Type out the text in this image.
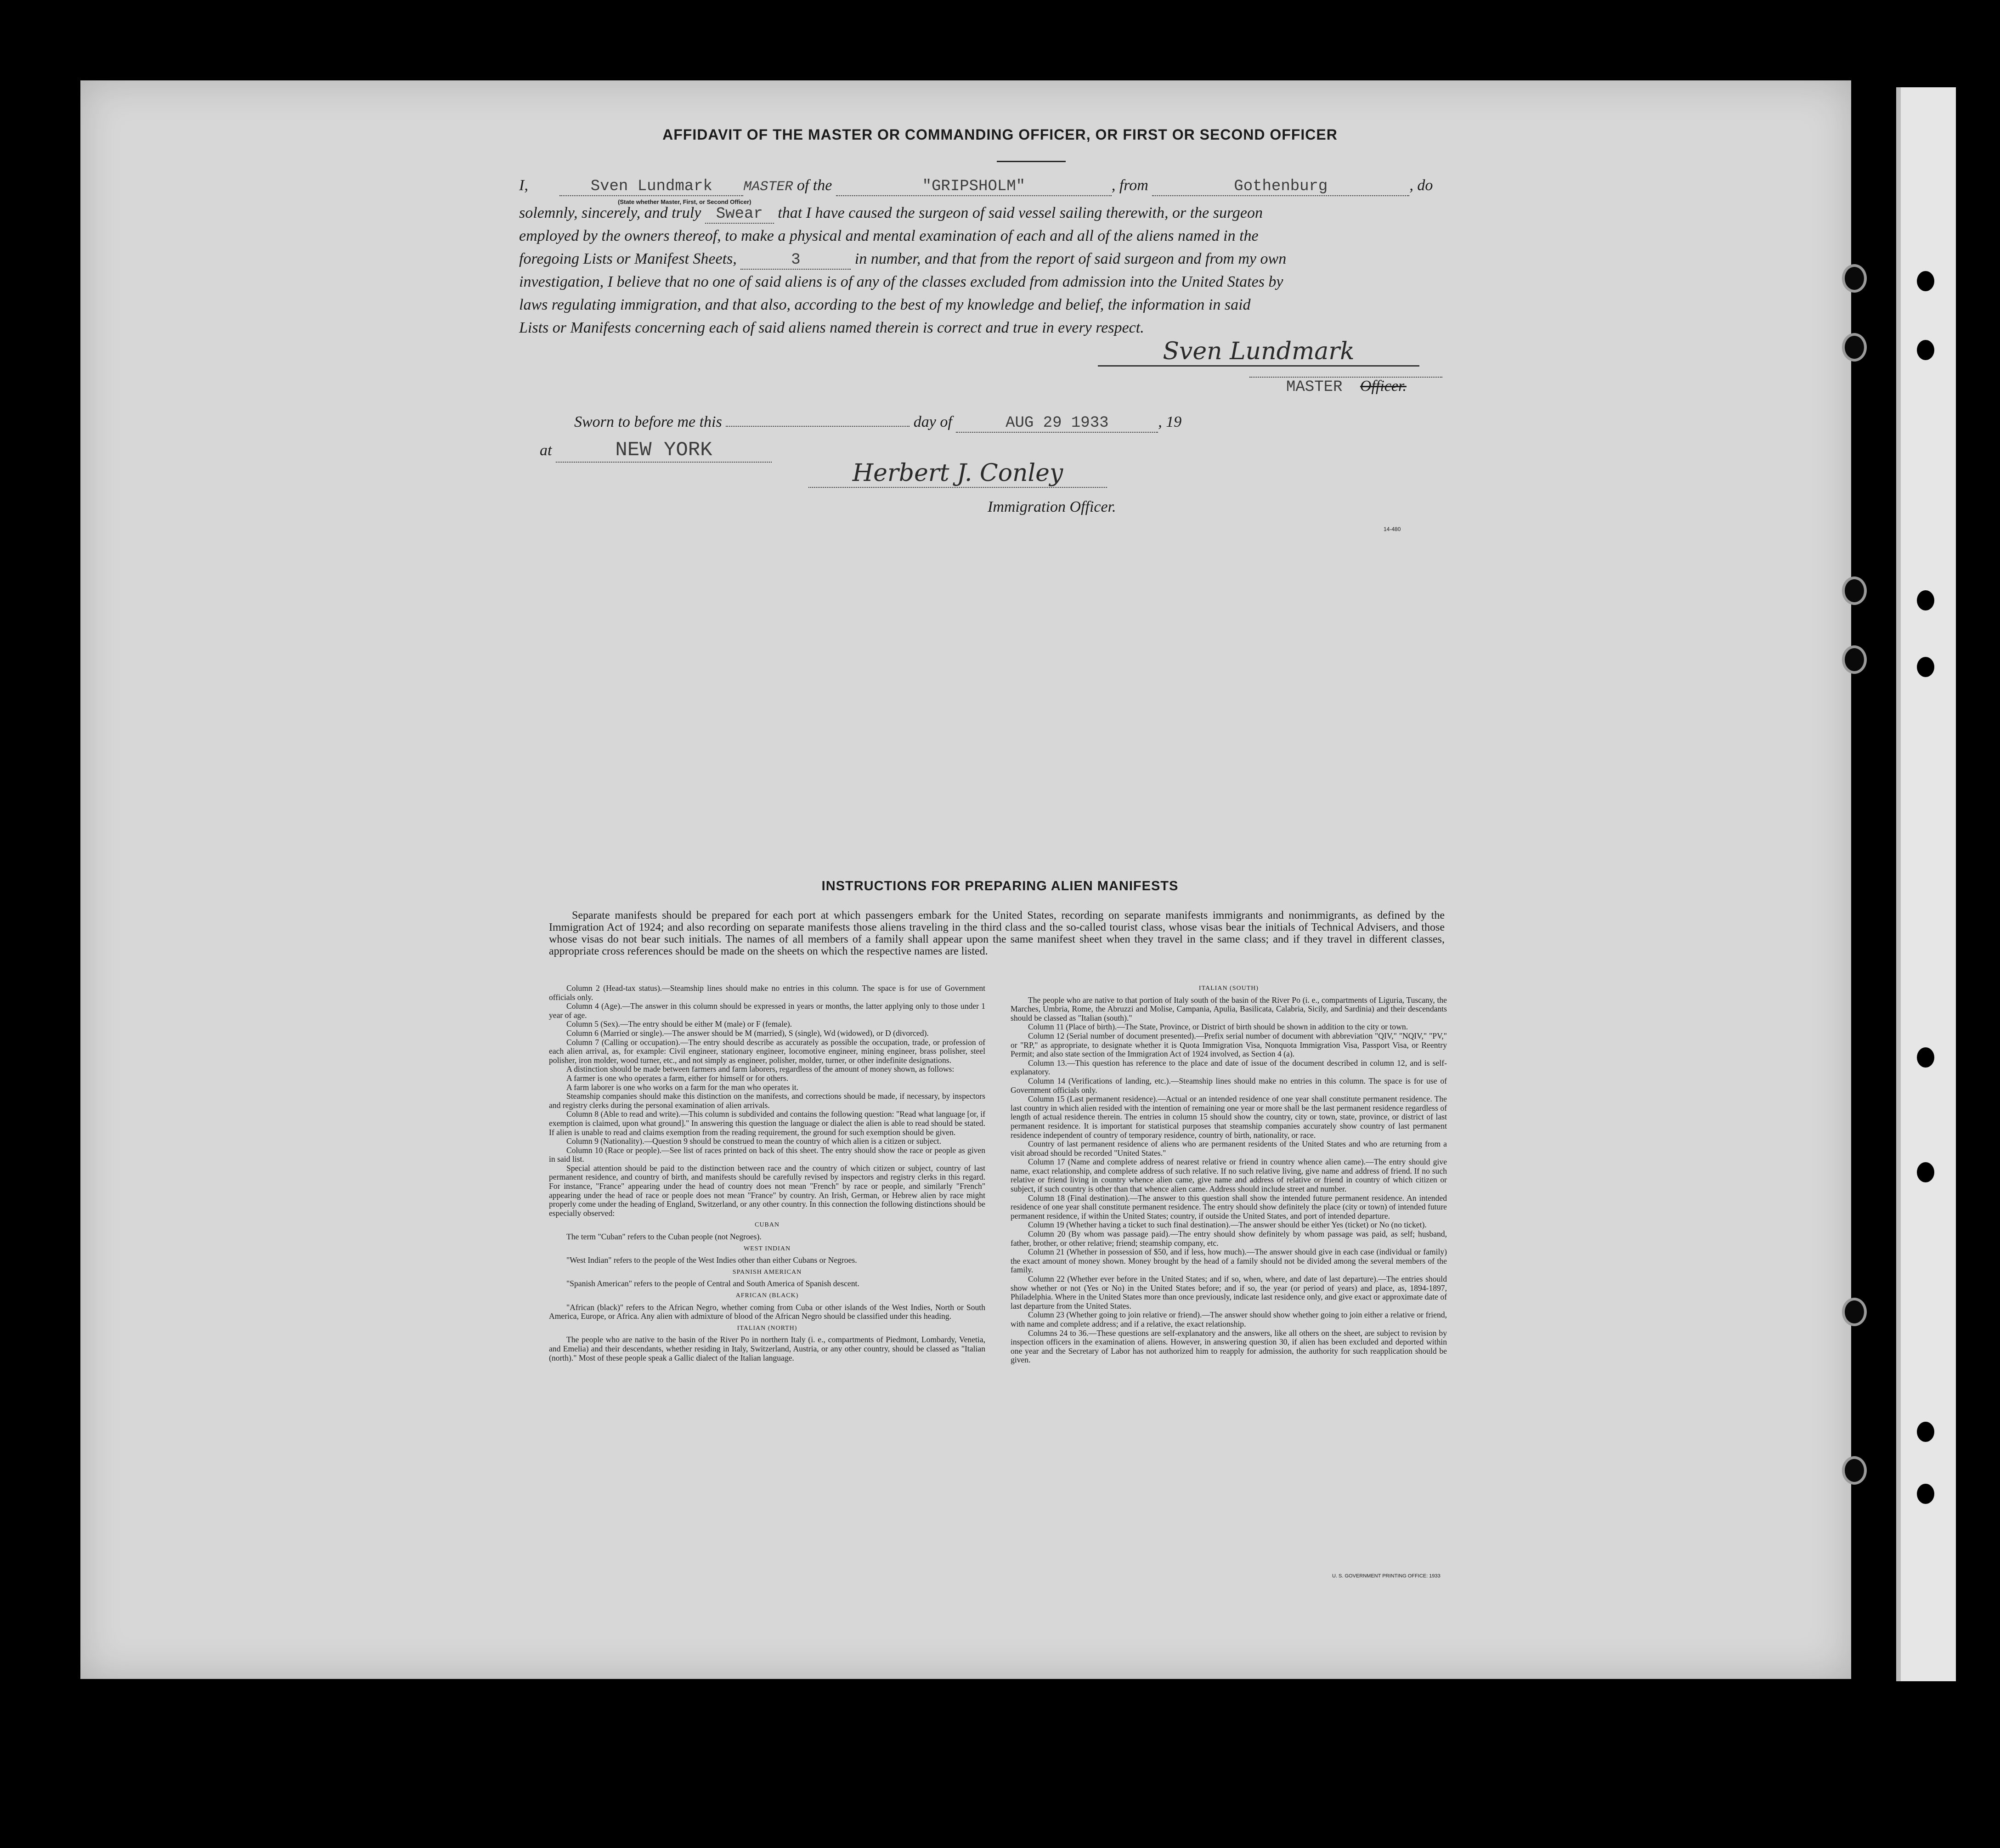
AFFIDAVIT OF THE MASTER OR COMMANDING OFFICER, OR FIRST OR SECOND OFFICER
I,	Sven Lundmark MASTER of the	"GRIPSHOLM"	, from	Gothenburg	, do
(State whether Master, First, or Second Officer)
solemnly, sincerely, and truly Swear that I have caused the surgeon of said vessel sailing therewith, or the surgeon
employed by the owners thereof, to make a physical and mental examination of each and all of the aliens named in the
foregoing Lists or Manifest Sheets,	3	in number, and that from the report of said surgeon and from my own
investigation, I believe that no one of said aliens is of any of the classes excluded from admission into the United States by
laws regulating immigration, and that also, according to the best of my knowledge and belief, the information in said
Lists or Manifests concerning each of said aliens named therein is correct and true in every respect.
Sven Lundmark
MASTER Officer.
Sworn to before me this	day of	AUG 29 1933	, 19
at	NEW YORK
Herbert J. Conley
Immigration Officer.
14-480
INSTRUCTIONS FOR PREPARING ALIEN MANIFESTS
Separate manifests should be prepared for each port at which passengers embark for the United States, recording on separate manifests immigrants and nonimmigrants, as defined by the Immigration Act of 1924; and also recording on separate manifests those aliens traveling in the third class and the so-called tourist class, whose visas bear the initials of Technical Advisers, and those whose visas do not bear such initials. The names of all members of a family shall appear upon the same manifest sheet when they travel in the same class; and if they travel in different classes, appropriate cross references should be made on the sheets on which the respective names are listed.

Column 2 (Head-tax status).—Steamship lines should make no entries in this column. The space is for use of Government officials only.

Column 4 (Age).—The answer in this column should be expressed in years or months, the latter applying only to those under 1 year of age.

Column 5 (Sex).—The entry should be either M (male) or F (female).

Column 6 (Married or single).—The answer should be M (married), S (single), Wd (widowed), or D (divorced).

Column 7 (Calling or occupation).—The entry should describe as accurately as possible the occupation, trade, or profession of each alien arrival, as, for example: Civil engineer, stationary engineer, locomotive engineer, mining engineer, brass polisher, steel polisher, iron molder, wood turner, etc., and not simply as engineer, polisher, molder, turner, or other indefinite designations.

A distinction should be made between farmers and farm laborers, regardless of the amount of money shown, as follows:

A farmer is one who operates a farm, either for himself or for others.

A farm laborer is one who works on a farm for the man who operates it.

Steamship companies should make this distinction on the manifests, and corrections should be made, if necessary, by inspectors and registry clerks during the personal examination of alien arrivals.

Column 8 (Able to read and write).—This column is subdivided and contains the following question: "Read what language [or, if exemption is claimed, upon what ground]." In answering this question the language or dialect the alien is able to read should be stated. If alien is unable to read and claims exemption from the reading requirement, the ground for such exemption should be given.

Column 9 (Nationality).—Question 9 should be construed to mean the country of which alien is a citizen or subject.

Column 10 (Race or people).—See list of races printed on back of this sheet. The entry should show the race or people as given in said list.

Special attention should be paid to the distinction between race and the country of which citizen or subject, country of last permanent residence, and country of birth, and manifests should be carefully revised by inspectors and registry clerks in this regard. For instance, "France" appearing under the head of country does not mean "French" by race or people, and similarly "French" appearing under the head of race or people does not mean "France" by country. An Irish, German, or Hebrew alien by race might properly come under the heading of England, Switzerland, or any other country. In this connection the following distinctions should be especially observed:

CUBAN

The term "Cuban" refers to the Cuban people (not Negroes).

WEST INDIAN

"West Indian" refers to the people of the West Indies other than either Cubans or Negroes.

SPANISH AMERICAN

"Spanish American" refers to the people of Central and South America of Spanish descent.

AFRICAN (BLACK)

"African (black)" refers to the African Negro, whether coming from Cuba or other islands of the West Indies, North or South America, Europe, or Africa. Any alien with admixture of blood of the African Negro should be classified under this heading.

ITALIAN (NORTH)

The people who are native to the basin of the River Po in northern Italy (i. e., compartments of Piedmont, Lombardy, Venetia, and Emelia) and their descendants, whether residing in Italy, Switzerland, Austria, or any other country, should be classed as "Italian (north)." Most of these people speak a Gallic dialect of the Italian language.

ITALIAN (SOUTH)

The people who are native to that portion of Italy south of the basin of the River Po (i. e., compartments of Liguria, Tuscany, the Marches, Umbria, Rome, the Abruzzi and Molise, Campania, Apulia, Basilicata, Calabria, Sicily, and Sardinia) and their descendants should be classed as "Italian (south)."

Column 11 (Place of birth).—The State, Province, or District of birth should be shown in addition to the city or town.

Column 12 (Serial number of document presented).—Prefix serial number of document with abbreviation "QIV," "NQIV," "PV," or "RP," as appropriate, to designate whether it is Quota Immigration Visa, Nonquota Immigration Visa, Passport Visa, or Reentry Permit; and also state section of the Immigration Act of 1924 involved, as Section 4 (a).

Column 13.—This question has reference to the place and date of issue of the document described in column 12, and is self-explanatory.

Column 14 (Verifications of landing, etc.).—Steamship lines should make no entries in this column. The space is for use of Government officials only.

Column 15 (Last permanent residence).—Actual or an intended residence of one year shall constitute permanent residence. The last country in which alien resided with the intention of remaining one year or more shall be the last permanent residence regardless of length of actual residence therein. The entries in column 15 should show the country, city or town, state, province, or district of last permanent residence. It is important for statistical purposes that steamship companies accurately show country of last permanent residence independent of country of temporary residence, country of birth, nationality, or race.

Country of last permanent residence of aliens who are permanent residents of the United States and who are returning from a visit abroad should be recorded "United States."

Column 17 (Name and complete address of nearest relative or friend in country whence alien came).—The entry should give name, exact relationship, and complete address of such relative. If no such relative living, give name and address of friend. If no such relative or friend living in country whence alien came, give name and address of relative or friend in country of which citizen or subject, if such country is other than that whence alien came. Address should include street and number.

Column 18 (Final destination).—The answer to this question shall show the intended future permanent residence. An intended residence of one year shall constitute permanent residence. The entry should show definitely the place (city or town) of intended future permanent residence, if within the United States; country, if outside the United States, and port of intended departure.

Column 19 (Whether having a ticket to such final destination).—The answer should be either Yes (ticket) or No (no ticket).

Column 20 (By whom was passage paid).—The entry should show definitely by whom passage was paid, as self; husband, father, brother, or other relative; friend; steamship company, etc.

Column 21 (Whether in possession of $50, and if less, how much).—The answer should give in each case (individual or family) the exact amount of money shown. Money brought by the head of a family should not be divided among the several members of the family.

Column 22 (Whether ever before in the United States; and if so, when, where, and date of last departure).—The entries should show whether or not (Yes or No) in the United States before; and if so, the year (or period of years) and place, as, 1894-1897, Philadelphia. Where in the United States more than once previously, indicate last residence only, and give exact or approximate date of last departure from the United States.

Column 23 (Whether going to join relative or friend).—The answer should show whether going to join either a relative or friend, with name and complete address; and if a relative, the exact relationship.

Columns 24 to 36.—These questions are self-explanatory and the answers, like all others on the sheet, are subject to revision by inspection officers in the examination of aliens. However, in answering question 30, if alien has been excluded and deported within one year and the Secretary of Labor has not authorized him to reapply for admission, the authority for such reapplication should be given.

U. S. GOVERNMENT PRINTING OFFICE: 1933
